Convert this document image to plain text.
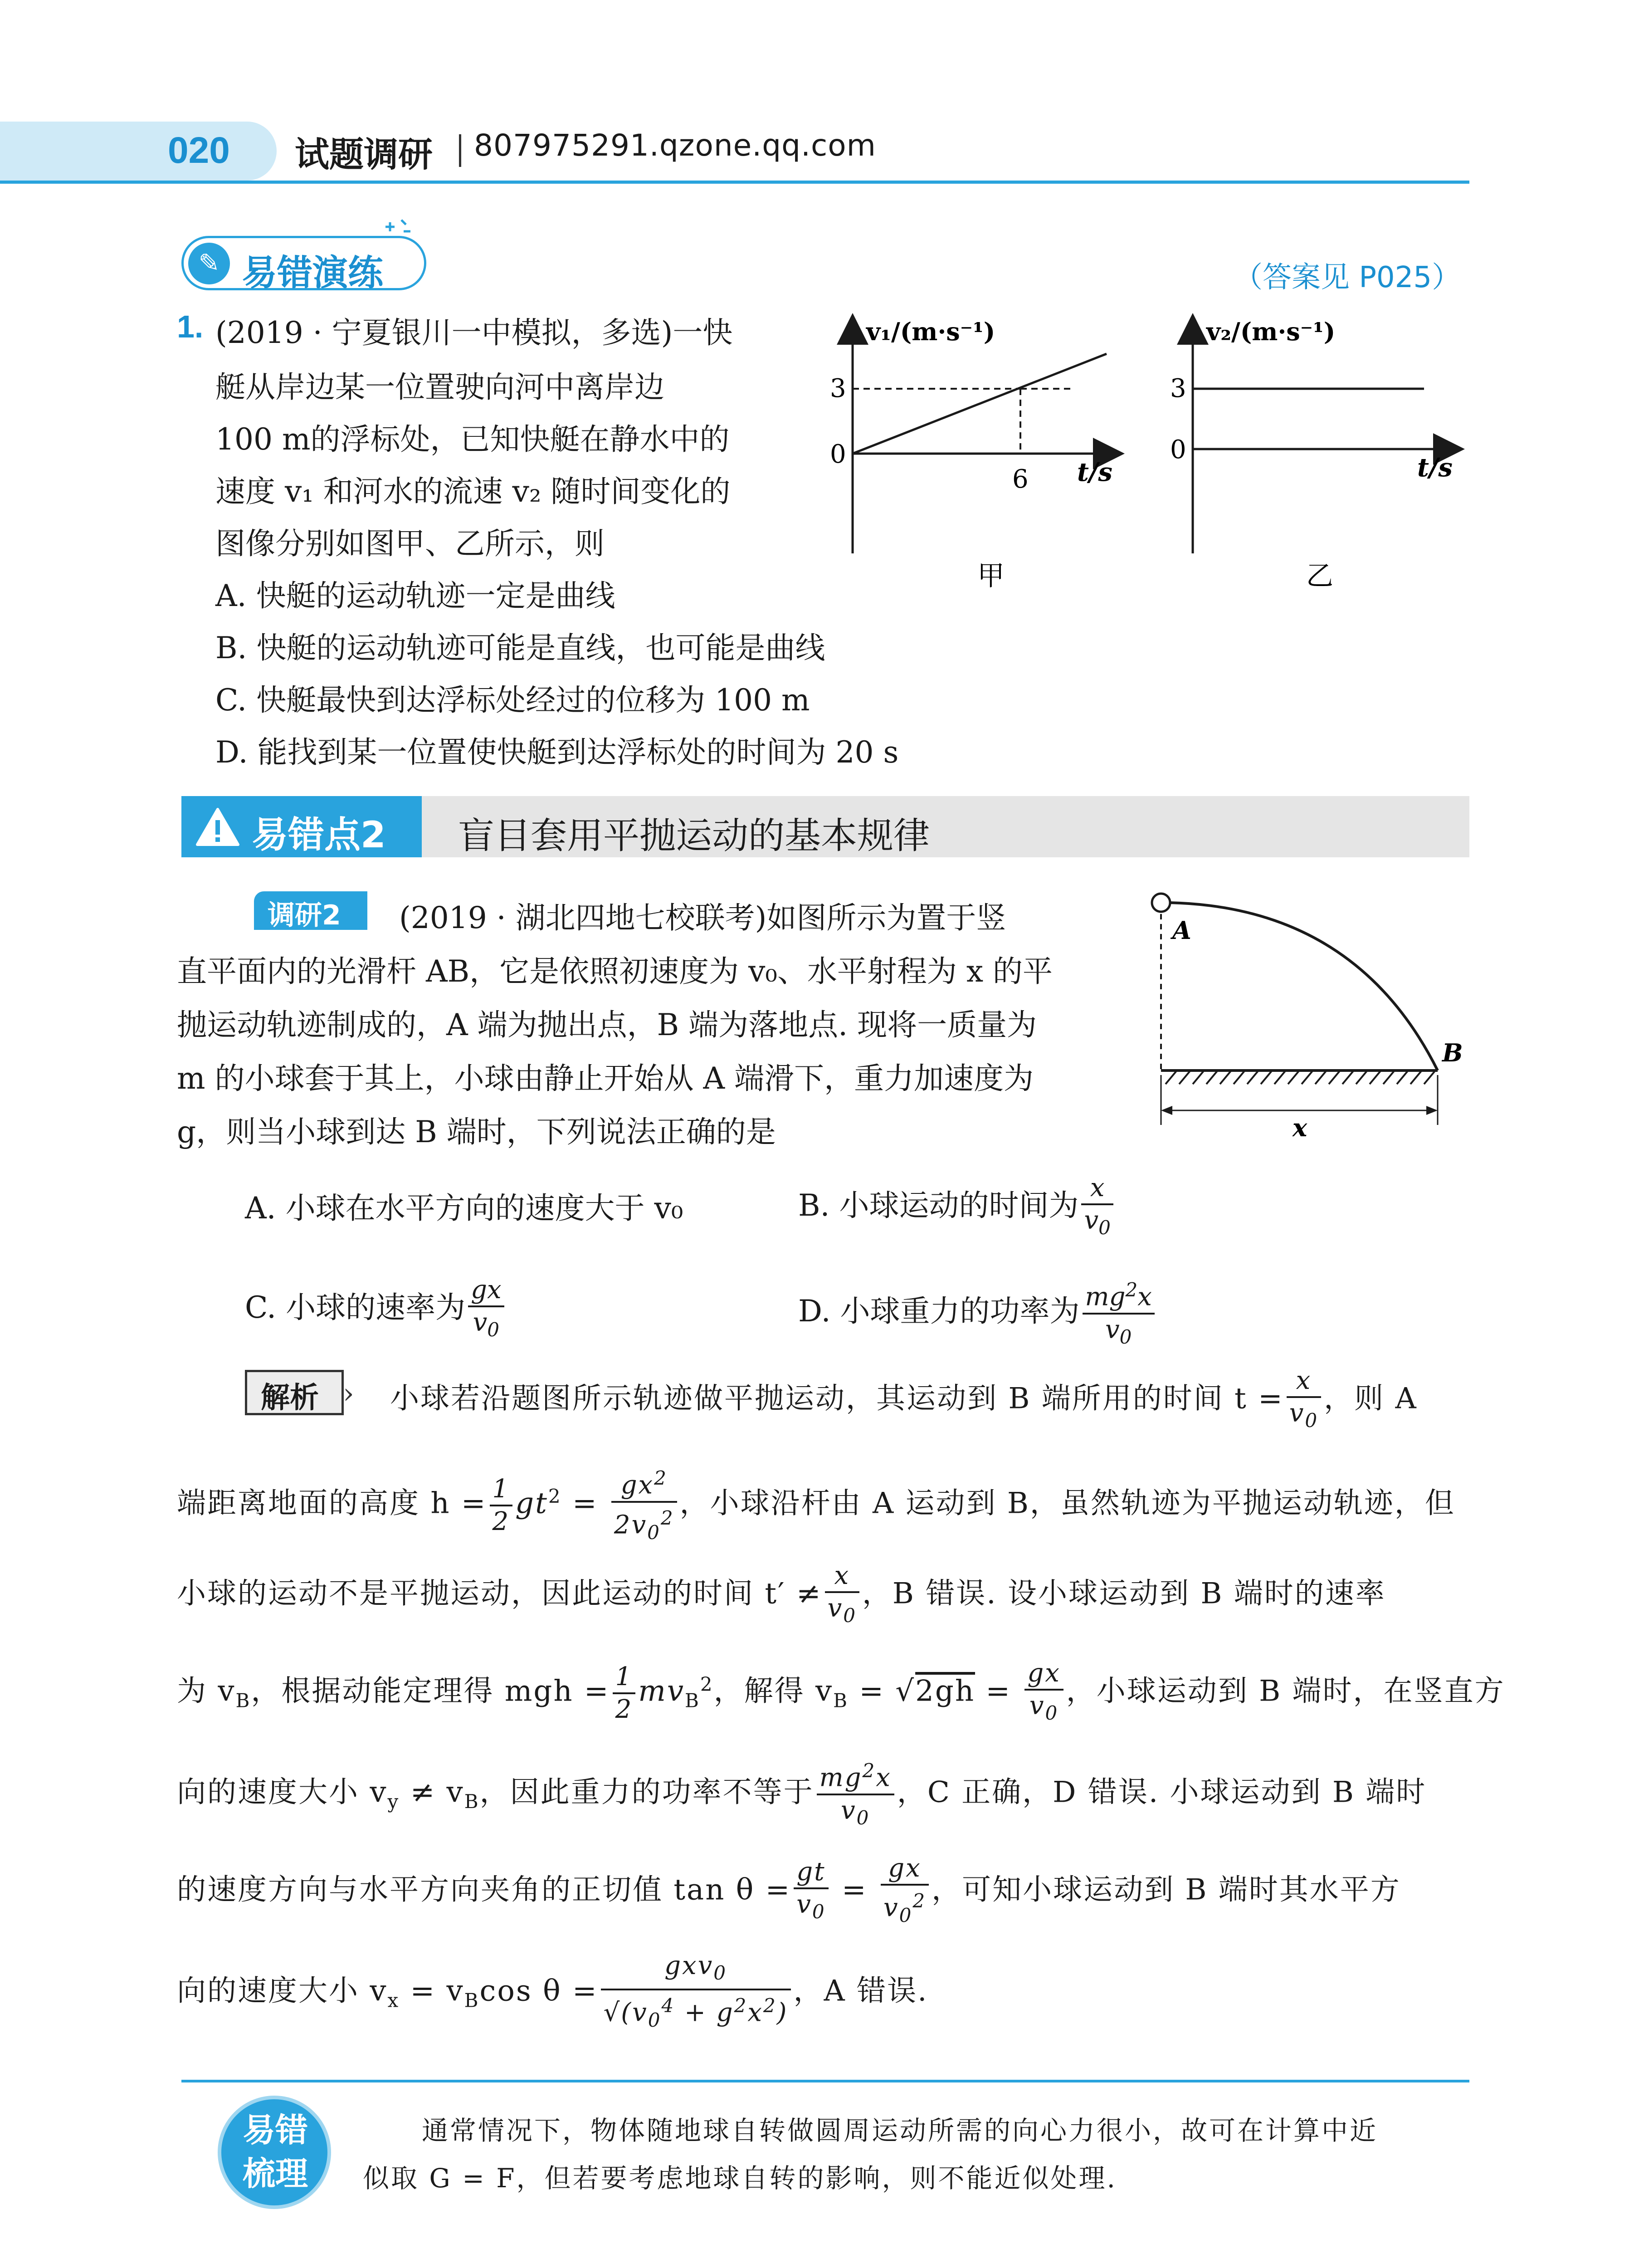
020 试题调研 807975291.qzone.qq.com
✎ 易错演练	（答案见 P025）
1. (2019 · 宁夏银川一中模拟，多选)一快
艇从岸边某一位置驶向河中离岸边
100 m的浮标处，已知快艇在静水中的
速度 v₁ 和河水的流速 v₂ 随时间变化的
图像分别如图甲、乙所示，则
A. 快艇的运动轨迹一定是曲线
B. 快艇的运动轨迹可能是直线，也可能是曲线
C. 快艇最快到达浮标处经过的位移为 100 m
D. 能找到某一位置使快艇到达浮标处的时间为 20 s
v₁/(m·s⁻¹)
3
0
6 t/s
甲
v₂/(m·s⁻¹)
3
0
t/s
乙
易错点2 盲目套用平抛运动的基本规律
调研2 (2019 · 湖北四地七校联考)如图所示为置于竖
直平面内的光滑杆 AB，它是依照初速度为 v₀、水平射程为 x 的平
抛运动轨迹制成的，A 端为抛出点，B 端为落地点. 现将一质量为
m 的小球套于其上，小球由静止开始从 A 端滑下，重力加速度为
g，则当小球到达 B 端时，下列说法正确的是
A
B
x
A. 小球在水平方向的速度大于 v₀	B. 小球运动的时间为 $\frac{x}{v_0}$
C. 小球的速率为 $\frac{gx}{v_0}$	D. 小球重力的功率为 $\frac{mg^2x}{v_0}$
解析 › 小球若沿题图所示轨迹做平抛运动，其运动到 B 端所用的时间 $t = \frac{x}{v_0}$ ，则 A
端距离地面的高度 $h = \frac{1}{2} gt^2 = \frac{gx^2}{2v_0^2}$ ，小球沿杆由 A 运动到 B，虽然轨迹为平抛运动轨迹，但
小球的运动不是平抛运动，因此运动的时间 $t' \ne \frac{x}{v_0}$ ，B 错误. 设小球运动到 B 端时的速率
为 $v_B$，根据动能定理得 mgh = $\frac{1}{2} mv_B^2$，解得 $v_B = √2gh = \frac{gx}{v_0}$ ，小球运动到 B 端时，在竖直方
向的速度大小 $v_y \ne v_B$，因此重力的功率不等于 $\frac{mg^2x}{v_0}$ ，C 正确，D 错误. 小球运动到 B 端时
的速度方向与水平方向夹角的正切值 $\tan \theta = \frac{gt}{v_0} = \frac{gx}{v_0^2}$ ，可知小球运动到 B 端时其水平方
向的速度大小 $v_x = v_B\cos$ $\theta = \frac{gxv_0}{√(v_0^4 + g^2x^2)}$ ，A 错误.
易错梳理
通常情况下，物体随地球自转做圆周运动所需的向心力很小，故可在计算中近
似取 G = F，但若要考虑地球自转的影响，则不能近似处理.
